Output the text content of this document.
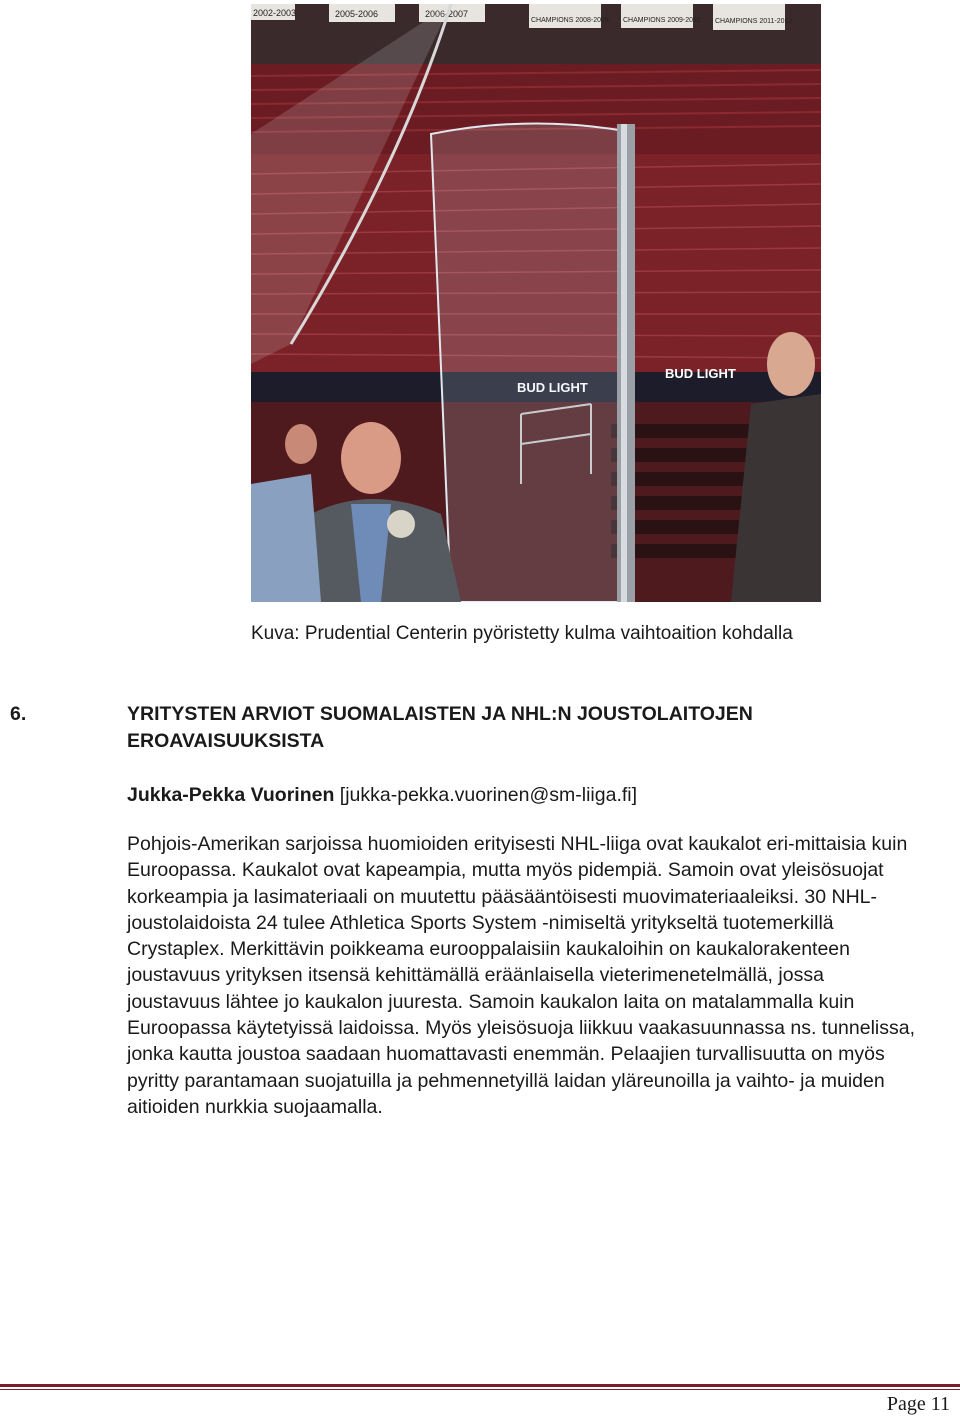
2002-2003	2005-2006	2006-2007
CHAMPIONS 2008-2009 CHAMPIONS 2009-2010 CHAMPIONS 2011-2012
BUD LIGHT
BUD LIGHT
Kuva: Prudential Centerin pyöristetty kulma vaihtoaition kohdalla
6.	YRITYSTEN ARVIOT SUOMALAISTEN JA NHL:N JOUSTOLAITOJEN EROAVAISUUKSISTA
Jukka-Pekka Vuorinen [jukka-pekka.vuorinen@sm-liiga.fi]

Pohjois-Amerikan sarjoissa huomioiden erityisesti NHL-liiga ovat kaukalot eri-mittaisia kuin Euroopassa. Kaukalot ovat kapeampia, mutta myös pidempiä. Samoin ovat yleisösuojat korkeampia ja lasimateriaali on muutettu pääsääntöisesti muovimateriaaleiksi. 30 NHL- joustolaidoista 24 tulee Athletica Sports System -nimiseltä yritykseltä tuotemerkillä Crystaplex. Merkittävin poikkeama eurooppalaisiin kaukaloihin on kaukalorakenteen joustavuus yrityksen itsensä kehittämällä eräänlaisella vieterimenetelmällä, jossa joustavuus lähtee jo kaukalon juuresta. Samoin kaukalon laita on matalammalla kuin Euroopassa käytetyissä laidoissa. Myös yleisösuoja liikkuu vaakasuunnassa ns. tunnelissa, jonka kautta joustoa saadaan huomattavasti enemmän. Pelaajien turvallisuutta on myös pyritty parantamaan suojatuilla ja pehmennetyillä laidan yläreunoilla ja vaihto- ja muiden aitioiden nurkkia suojaamalla.

Page 11
